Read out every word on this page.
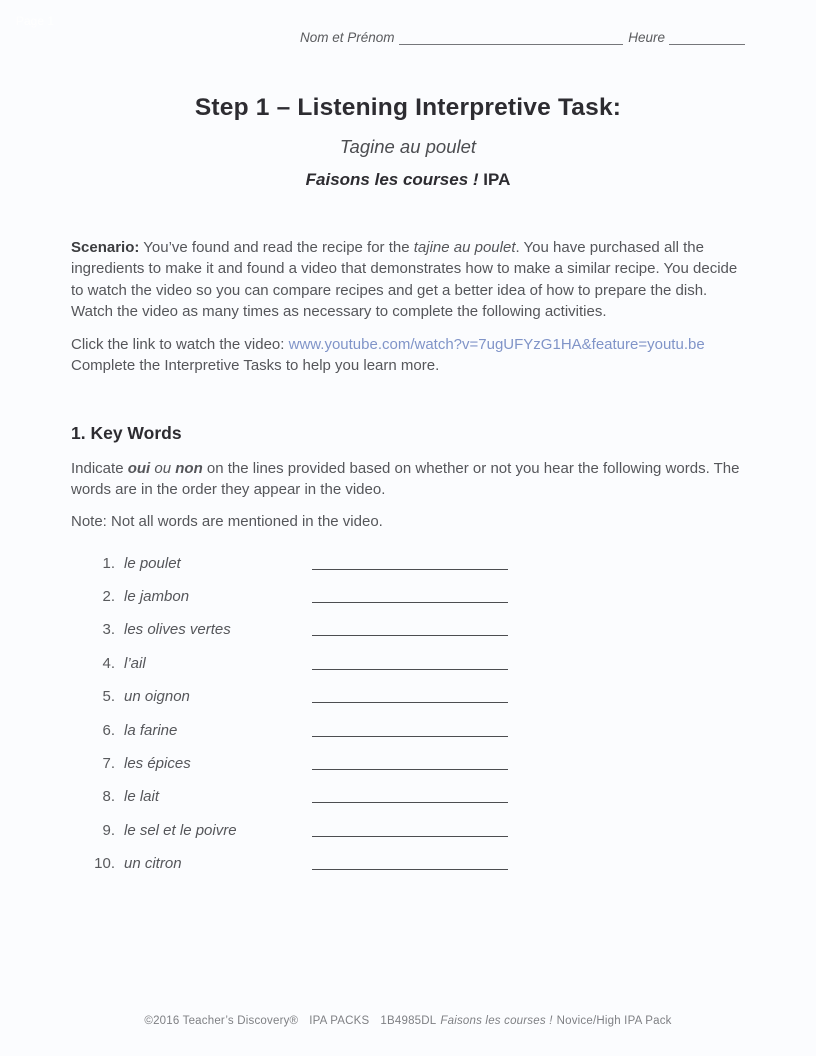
Page 1
Nom et Prénom	Heure
Step 1 – Listening Interpretive Task:
Tagine au poulet
Faisons les courses ! IPA
Scenario: You’ve found and read the recipe for the tajine au poulet. You have purchased all the ingredients to make it and found a video that demonstrates how to make a similar recipe. You decide to watch the video so you can compare recipes and get a better idea of how to prepare the dish. Watch the video as many times as necessary to complete the following activities.
Click the link to watch the video: www.youtube.com/watch?v=7ugUFYzG1HA&feature=youtu.be
Complete the Interpretive Tasks to help you learn more.
1. Key Words
Indicate oui ou non on the lines provided based on whether or not you hear the following words. The words are in the order they appear in the video.
Note: Not all words are mentioned in the video.
1. le poulet
2. le jambon
3. les olives vertes
4. l’ail
5. un oignon
6. la farine
7. les épices
8. le lait
9. le sel et le poivre
10. un citron
©2016 Teacher’s Discovery® IPA PACKS 1B4985DL Faisons les courses ! Novice/High IPA Pack
